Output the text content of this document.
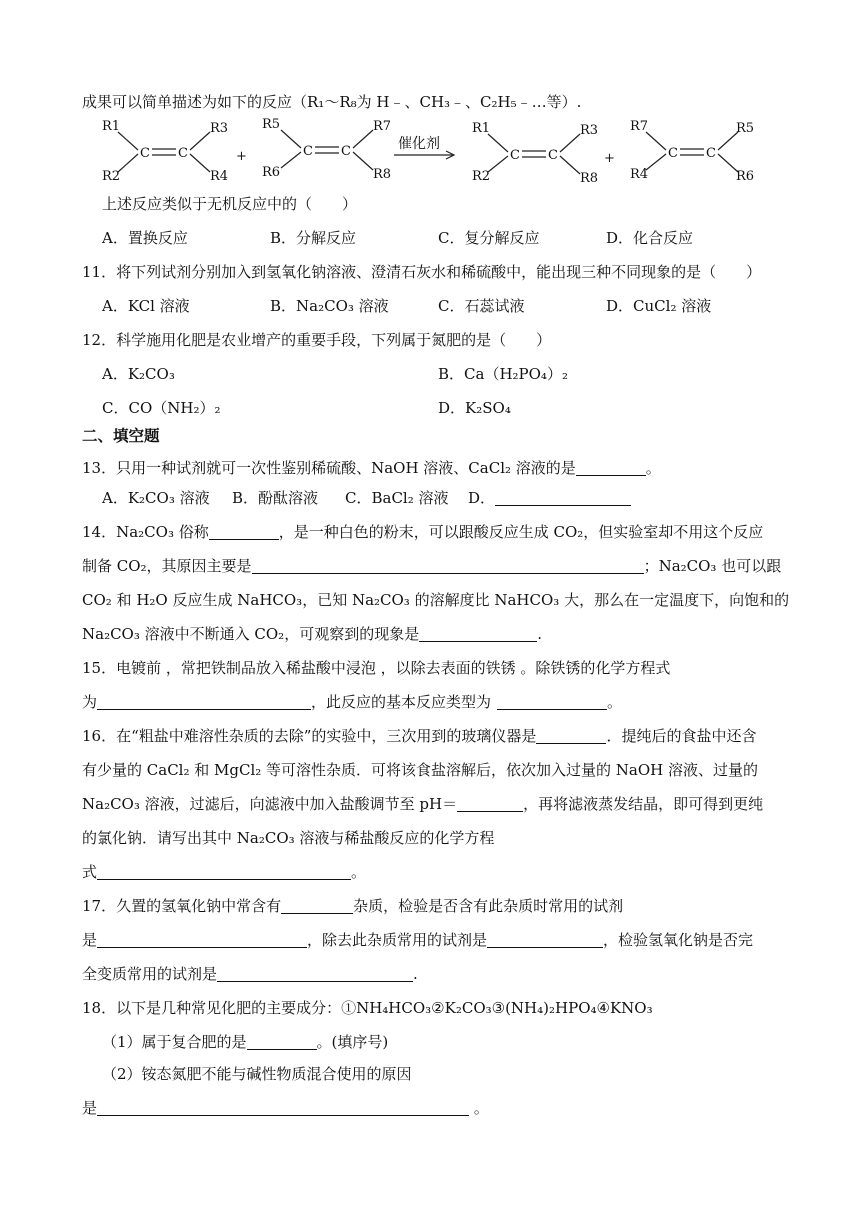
成果可以简单描述为如下的反应（R₁～R₈为 H﹣、CH₃﹣、C₂H₅﹣…等）.
R1
R2
C C
R3
R4
+
R5
R6
C C
R7
R8
催化剂
R1
R2
C C
R3
R8
+
R7
R4
C C
R5
R6
上述反应类似于无机反应中的（　　）
A．置换反应	B．分解反应	C．复分解反应	D．化合反应
11．将下列试剂分别加入到氢氧化钠溶液、澄清石灰水和稀硫酸中，能出现三种不同现象的是（　　）
A．KCl 溶液	B．Na₂CO₃ 溶液	C．石蕊试液	D．CuCl₂ 溶液
12．科学施用化肥是农业增产的重要手段，下列属于氮肥的是（　　）
A．K₂CO₃	B．Ca（H₂PO₄）₂
C．CO（NH₂）₂	D．K₂SO₄
二、填空题
13．只用一种试剂就可一次性鉴别稀硫酸、NaOH 溶液、CaCl₂ 溶液的是	。
A．K₂CO₃ 溶液 B．酚酞溶液 C．BaCl₂ 溶液 D．
14．Na₂CO₃ 俗称	，是一种白色的粉末，可以跟酸反应生成 CO₂，但实验室却不用这个反应
制备 CO₂，其原因主要是	；Na₂CO₃ 也可以跟
CO₂ 和 H₂O 反应生成 NaHCO₃，已知 Na₂CO₃ 的溶解度比 NaHCO₃ 大，那么在一定温度下，向饱和的
Na₂CO₃ 溶液中不断通入 CO₂，可观察到的现象是	.
15．电镀前 ，常把铁制品放入稀盐酸中浸泡 ，以除去表面的铁锈 。除铁锈的化学方程式
为	，此反应的基本反应类型为	。
16．在“粗盐中难溶性杂质的去除”的实验中，三次用到的玻璃仪器是	．提纯后的食盐中还含
有少量的 CaCl₂ 和 MgCl₂ 等可溶性杂质．可将该食盐溶解后，依次加入过量的 NaOH 溶液、过量的
Na₂CO₃ 溶液，过滤后，向滤液中加入盐酸调节至 pH＝	，再将滤液蒸发结晶，即可得到更纯
的氯化钠．请写出其中 Na₂CO₃ 溶液与稀盐酸反应的化学方程
式	。
17．久置的氢氧化钠中常含有	杂质，检验是否含有此杂质时常用的试剂
是	，除去此杂质常用的试剂是	，检验氢氧化钠是否完
全变质常用的试剂是	.
18．以下是几种常见化肥的主要成分：①NH₄HCO₃②K₂CO₃③(NH₄)₂HPO₄④KNO₃
（1）属于复合肥的是	。(填序号)
（2）铵态氮肥不能与碱性物质混合使用的原因
是	。
